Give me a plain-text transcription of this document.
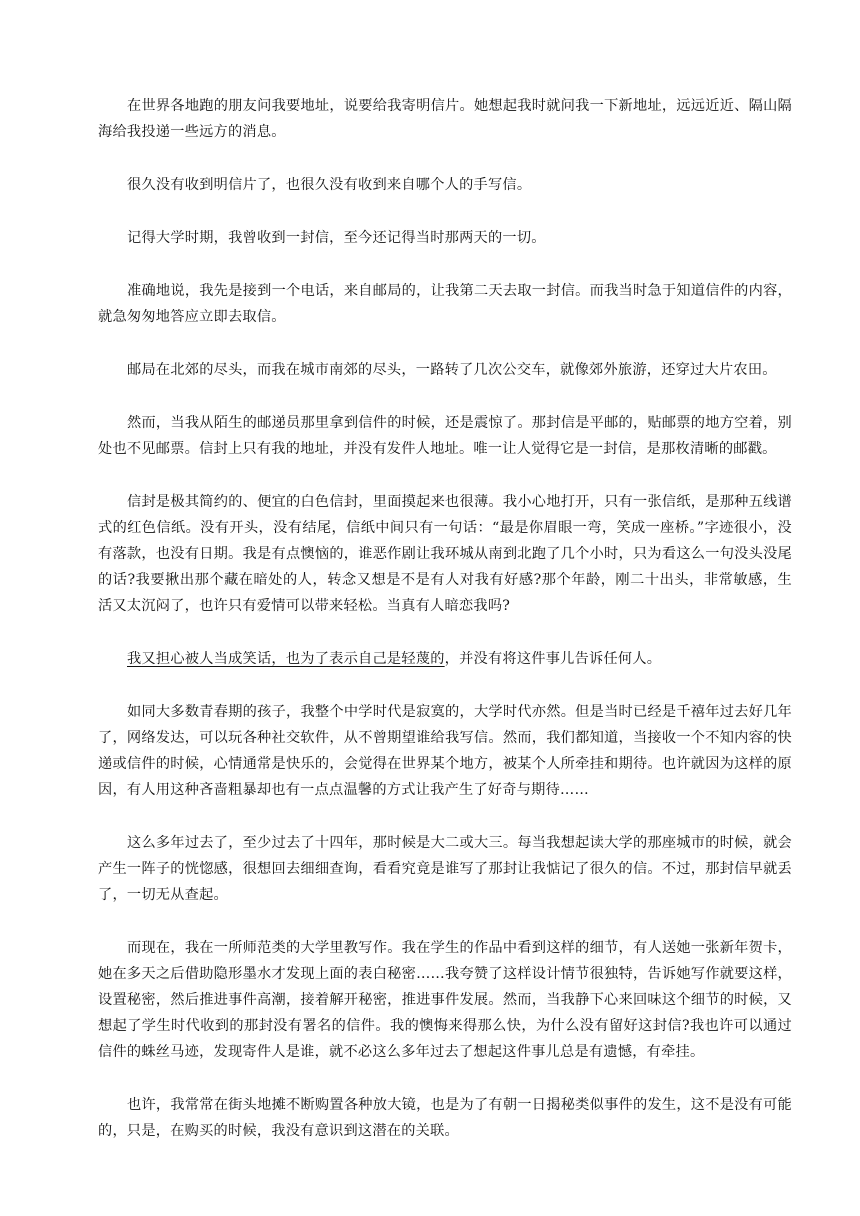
在世界各地跑的朋友问我要地址，说要给我寄明信片。她想起我时就问我一下新地址，远远近近、隔山隔海给我投递一些远方的消息。

很久没有收到明信片了，也很久没有收到来自哪个人的手写信。

记得大学时期，我曾收到一封信，至今还记得当时那两天的一切。

准确地说，我先是接到一个电话，来自邮局的，让我第二天去取一封信。而我当时急于知道信件的内容，就急匆匆地答应立即去取信。

邮局在北郊的尽头，而我在城市南郊的尽头，一路转了几次公交车，就像郊外旅游，还穿过大片农田。

然而，当我从陌生的邮递员那里拿到信件的时候，还是震惊了。那封信是平邮的，贴邮票的地方空着，别处也不见邮票。信封上只有我的地址，并没有发件人地址。唯一让人觉得它是一封信，是那枚清晰的邮戳。

信封是极其简约的、便宜的白色信封，里面摸起来也很薄。我小心地打开，只有一张信纸，是那种五线谱式的红色信纸。没有开头，没有结尾，信纸中间只有一句话：“最是你眉眼一弯，笑成一座桥。”字迹很小，没有落款，也没有日期。我是有点懊恼的，谁恶作剧让我环城从南到北跑了几个小时，只为看这么一句没头没尾的话?我要揪出那个藏在暗处的人，转念又想是不是有人对我有好感?那个年龄，刚二十出头，非常敏感，生活又太沉闷了，也许只有爱情可以带来轻松。当真有人暗恋我吗?

我又担心被人当成笑话，也为了表示自己是轻蔑的，并没有将这件事儿告诉任何人。

如同大多数青春期的孩子，我整个中学时代是寂寞的，大学时代亦然。但是当时已经是千禧年过去好几年了，网络发达，可以玩各种社交软件，从不曾期望谁给我写信。然而，我们都知道，当接收一个不知内容的快递或信件的时候，心情通常是快乐的，会觉得在世界某个地方，被某个人所牵挂和期待。也许就因为这样的原因，有人用这种吝啬粗暴却也有一点点温馨的方式让我产生了好奇与期待……

这么多年过去了，至少过去了十四年，那时候是大二或大三。每当我想起读大学的那座城市的时候，就会产生一阵子的恍惚感，很想回去细细查询，看看究竟是谁写了那封让我惦记了很久的信。不过，那封信早就丢了，一切无从查起。

而现在，我在一所师范类的大学里教写作。我在学生的作品中看到这样的细节，有人送她一张新年贺卡，她在多天之后借助隐形墨水才发现上面的表白秘密……我夸赞了这样设计情节很独特，告诉她写作就要这样，设置秘密，然后推进事件高潮，接着解开秘密，推进事件发展。然而，当我静下心来回味这个细节的时候，又想起了学生时代收到的那封没有署名的信件。我的懊悔来得那么快，为什么没有留好这封信?我也许可以通过信件的蛛丝马迹，发现寄件人是谁，就不必这么多年过去了想起这件事儿总是有遗憾，有牵挂。

也许，我常常在街头地摊不断购置各种放大镜，也是为了有朝一日揭秘类似事件的发生，这不是没有可能的，只是，在购买的时候，我没有意识到这潜在的关联。
